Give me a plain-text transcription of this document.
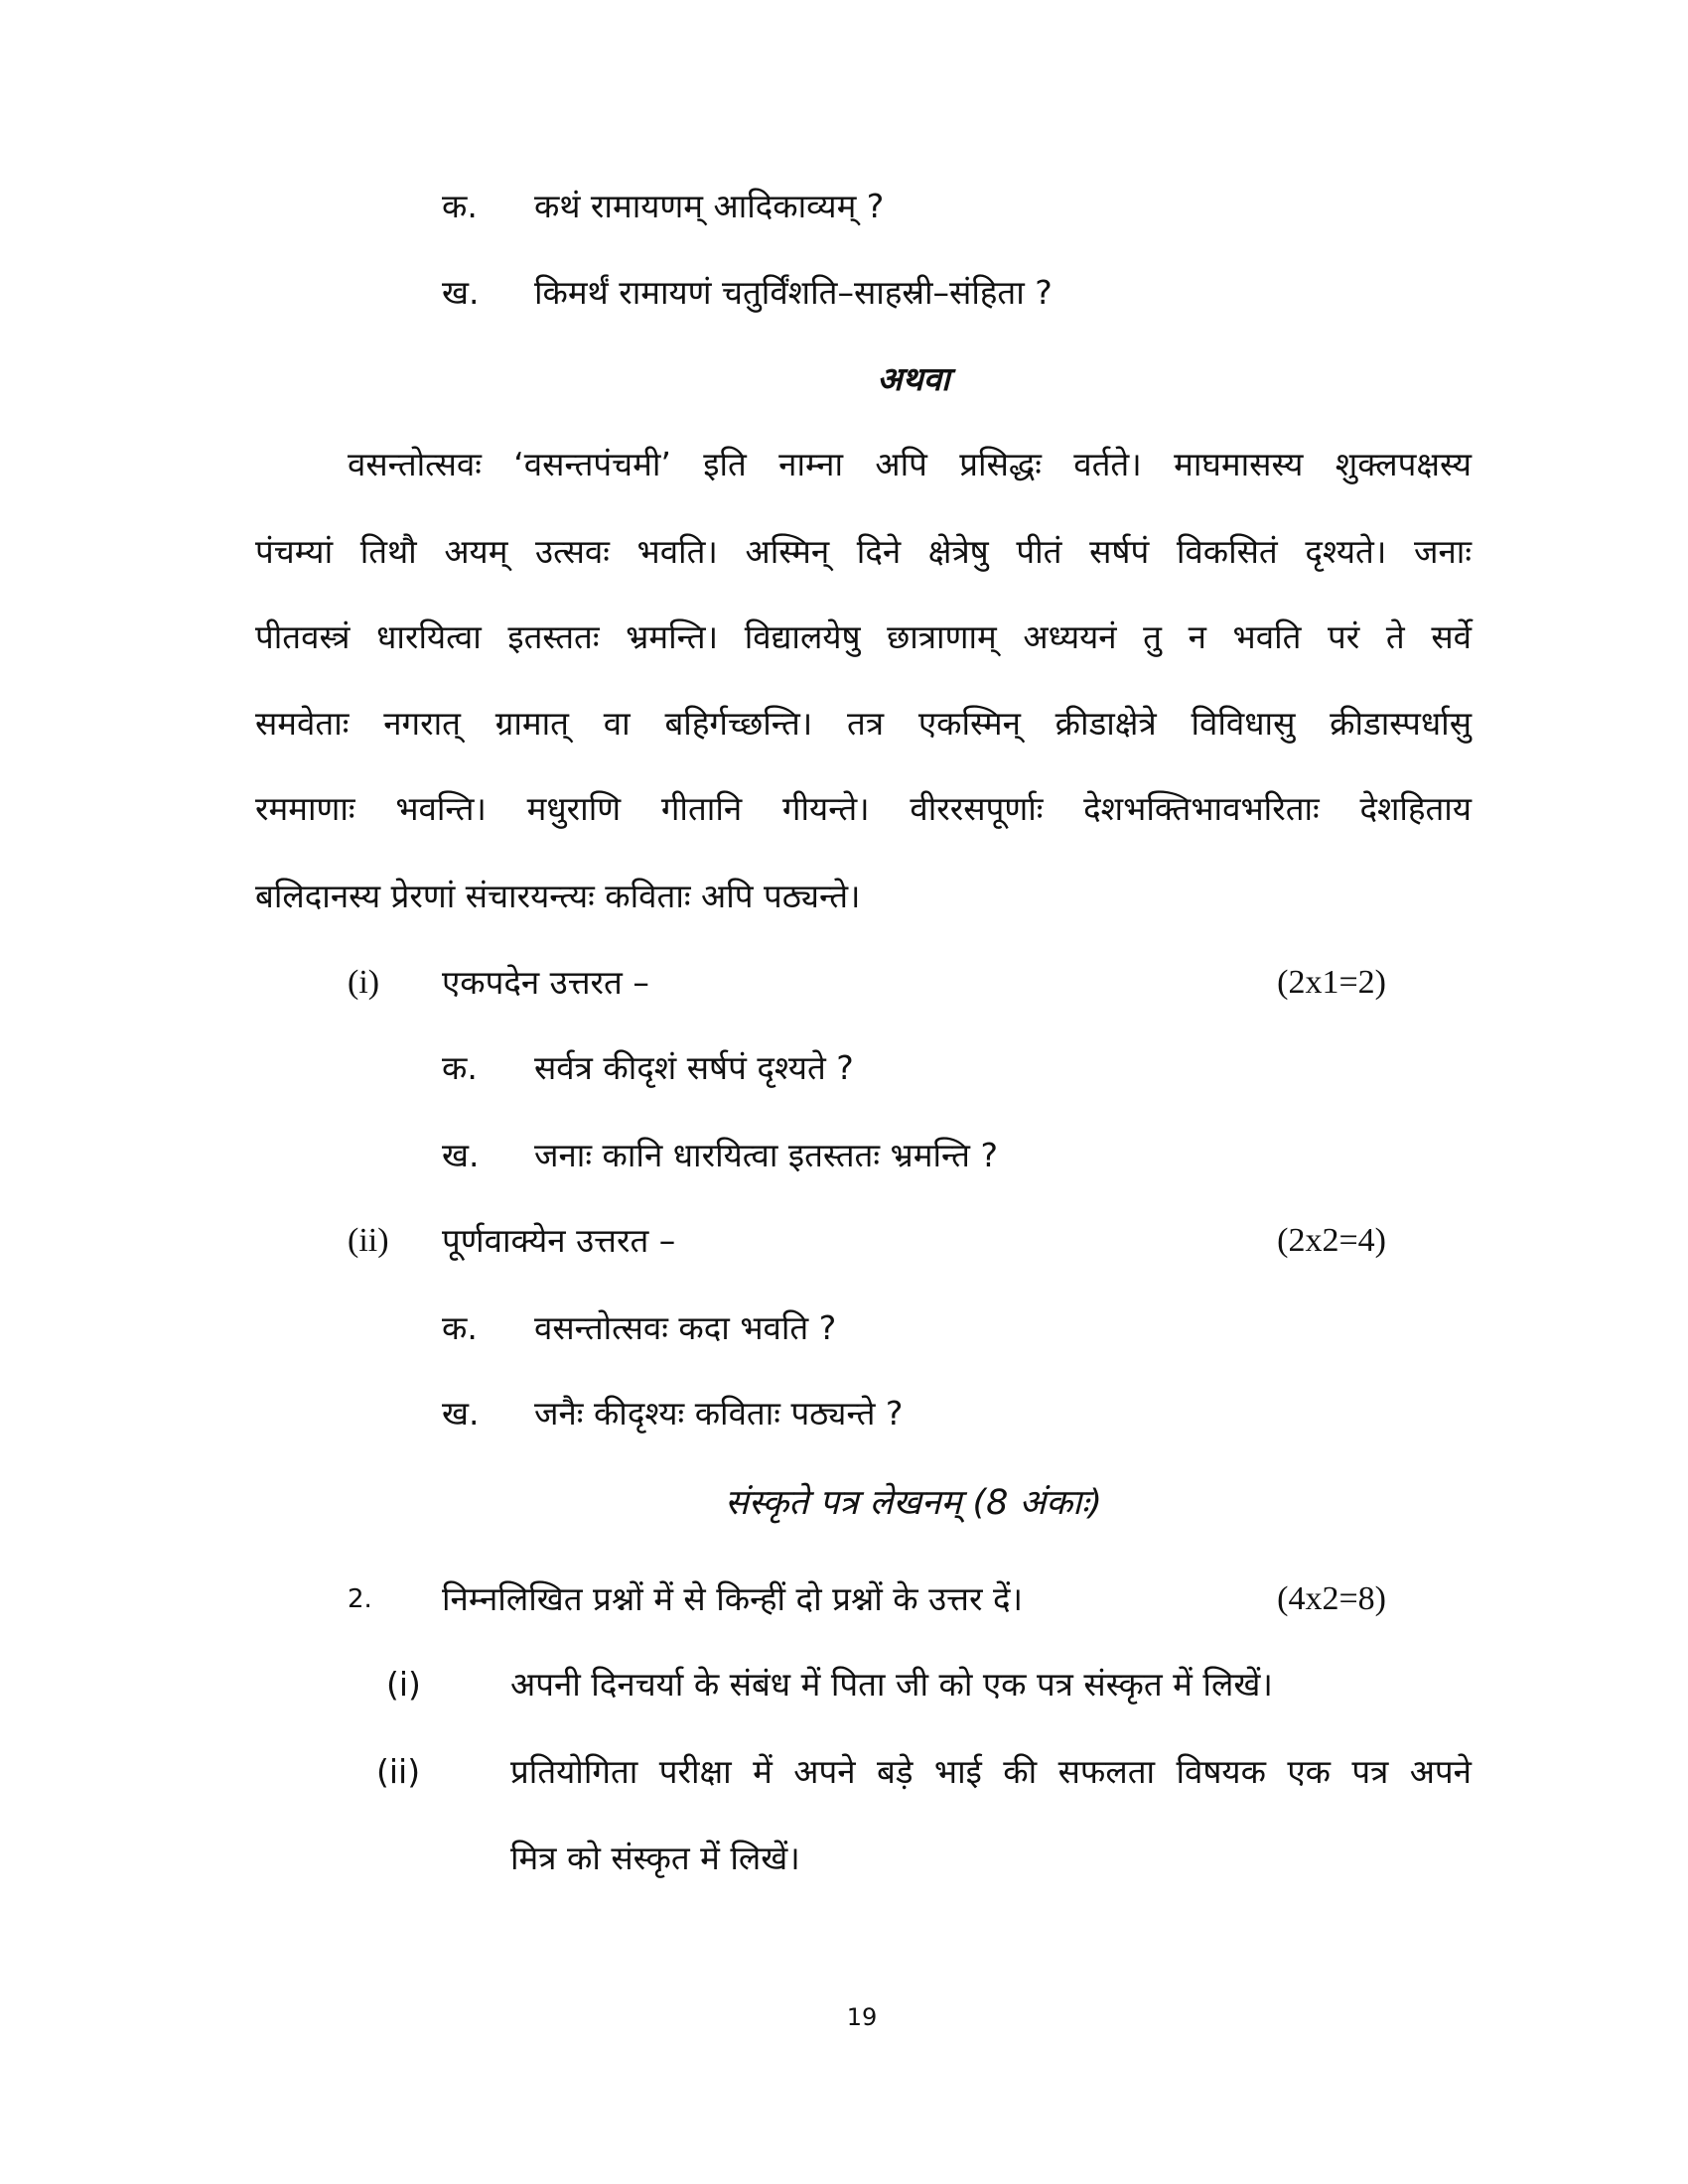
क. कथं रामायणम् आदिकाव्यम् ?
ख. किमर्थं रामायणं चतुर्विंशति–साहस्री–संहिता ?
अथवा
वसन्तोत्सवः ‘वसन्तपंचमी’ इति नाम्ना अपि प्रसिद्धः वर्तते। माघमासस्य शुक्लपक्षस्य
पंचम्यां तिथौ अयम् उत्सवः भवति। अस्मिन् दिने क्षेत्रेषु पीतं सर्षपं विकसितं दृश्यते। जनाः
पीतवस्त्रं धारयित्वा इतस्ततः भ्रमन्ति। विद्यालयेषु छात्राणाम् अध्ययनं तु न भवति परं ते सर्वे
समवेताः नगरात् ग्रामात् वा बहिर्गच्छन्ति। तत्र एकस्मिन् क्रीडाक्षेत्रे विविधासु क्रीडास्पर्धासु
रममाणाः भवन्ति। मधुराणि गीतानि गीयन्ते। वीररसपूर्णाः देशभक्तिभावभरिताः देशहिताय
बलिदानस्य प्रेरणां संचारयन्त्यः कविताः अपि पठ्यन्ते।
(i) एकपदेन उत्तरत –	(2x1=2)
क. सर्वत्र कीदृशं सर्षपं दृश्यते ?
ख. जनाः कानि धारयित्वा इतस्ततः भ्रमन्ति ?
(ii) पूर्णवाक्येन उत्तरत –	(2x2=4)
क. वसन्तोत्सवः कदा भवति ?
ख. जनैः कीदृश्यः कविताः पठ्यन्ते ?
संस्कृते पत्र लेखनम् (8 अंकाः)
2. निम्नलिखित प्रश्नों में से किन्हीं दो प्रश्नों के उत्तर दें।	(4x2=8)
(i)	अपनी दिनचर्या के संबंध में पिता जी को एक पत्र संस्कृत में लिखें।
(ii)	प्रतियोगिता परीक्षा में अपने बड़े भाई की सफलता विषयक एक पत्र अपने
मित्र को संस्कृत में लिखें।
19
